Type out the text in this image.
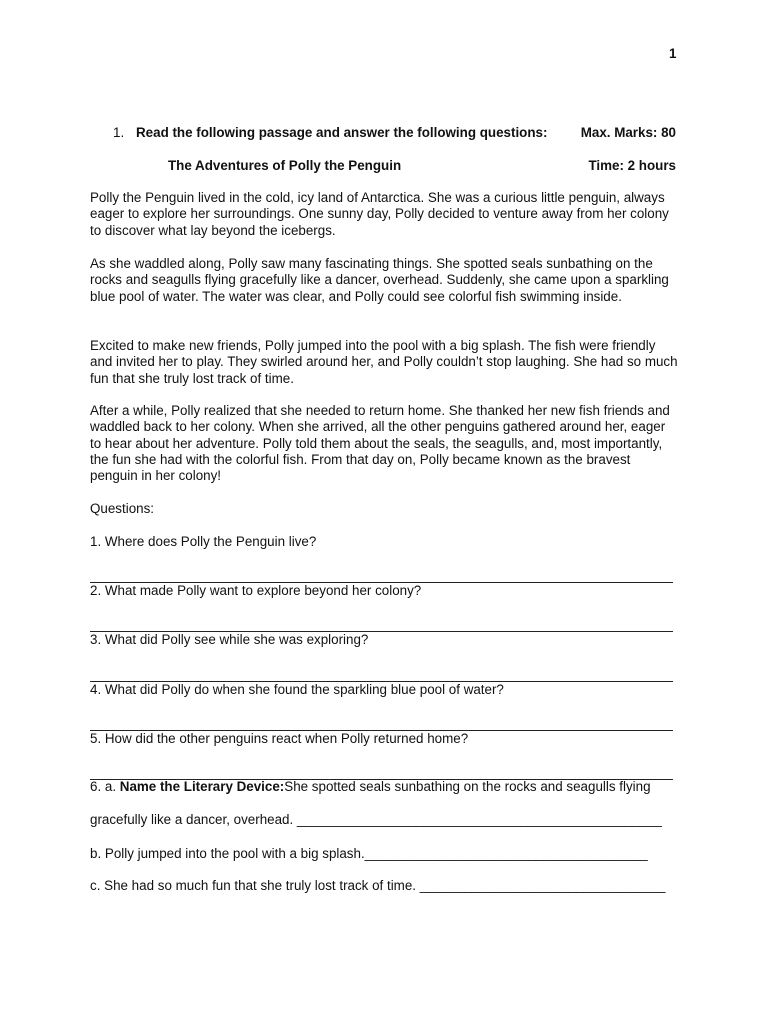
1
1. Read the following passage and answer the following questions: Max. Marks: 80
The Adventures of Polly the Penguin	Time: 2 hours

Polly the Penguin lived in the cold, icy land of Antarctica. She was a curious little penguin, always eager to explore her surroundings. One sunny day, Polly decided to venture away from her colony to discover what lay beyond the icebergs.

As she waddled along, Polly saw many fascinating things. She spotted seals sunbathing on the rocks and seagulls flying gracefully like a dancer, overhead. Suddenly, she came upon a sparkling blue pool of water. The water was clear, and Polly could see colorful fish swimming inside.

Excited to make new friends, Polly jumped into the pool with a big splash. The fish were friendly and invited her to play. They swirled around her, and Polly couldn’t stop laughing. She had so much fun that she truly lost track of time.

After a while, Polly realized that she needed to return home. She thanked her new fish friends and waddled back to her colony. When she arrived, all the other penguins gathered around her, eager to hear about her adventure. Polly told them about the seals, the seagulls, and, most importantly, the fun she had with the colorful fish. From that day on, Polly became known as the bravest penguin in her colony!

Questions:
1. Where does Polly the Penguin live?
2. What made Polly want to explore beyond her colony?
3. What did Polly see while she was exploring?
4. What did Polly do when she found the sparkling blue pool of water?
5. How did the other penguins react when Polly returned home?
6. a. Name the Literary Device:She spotted seals sunbathing on the rocks and seagulls flying
gracefully like a dancer, overhead. _________________________________________________
b. Polly jumped into the pool with a big splash.______________________________________
c. She had so much fun that she truly lost track of time. _________________________________
